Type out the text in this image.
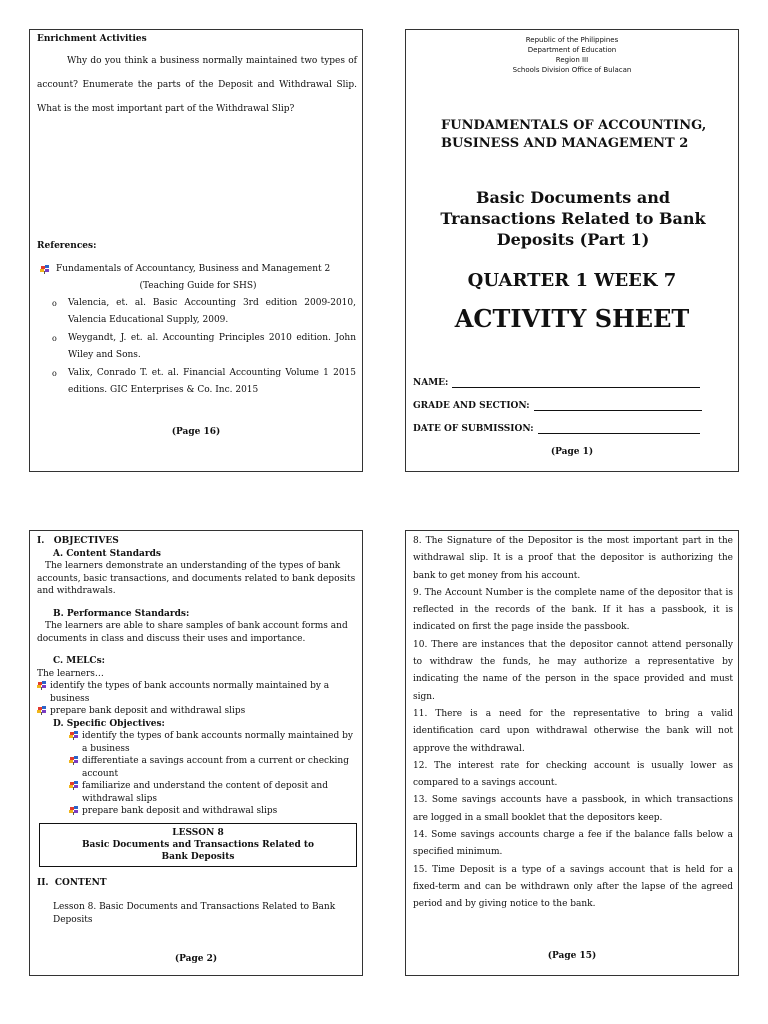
Enrichment Activities
Why do you think a business normally maintained two types of account? Enumerate the parts of the Deposit and Withdrawal Slip. What is the most important part of the Withdrawal Slip?
References:
Fundamentals of Accountancy, Business and Management 2
(Teaching Guide for SHS)
o Valencia, et. al. Basic Accounting 3rd edition 2009-2010, Valencia Educational Supply, 2009.
o Weygandt, J. et. al. Accounting Principles 2010 edition. John Wiley and Sons.
o Valix, Conrado T. et. al. Financial Accounting Volume 1 2015 editions. GIC Enterprises & Co. Inc. 2015
(Page 16)
Republic of the Philippines
Department of Education
Region III
Schools Division Office of Bulacan
FUNDAMENTALS OF ACCOUNTING,
BUSINESS AND MANAGEMENT 2
Basic Documents and Transactions Related to Bank Deposits (Part 1)
QUARTER 1 WEEK 7
ACTIVITY SHEET
NAME:
GRADE AND SECTION:
DATE OF SUBMISSION:
(Page 1)
I.   OBJECTIVES
A. Content Standards
The learners demonstrate an understanding of the types of bank accounts, basic transactions, and documents related to bank deposits and withdrawals.
B. Performance Standards:
The learners are able to share samples of bank account forms and documents in class and discuss their uses and importance.
C. MELCs:
The learners…
identify the types of bank accounts normally maintained by a business
prepare bank deposit and withdrawal slips
D. Specific Objectives:
identify the types of bank accounts normally maintained by a business
differentiate a savings account from a current or checking account
familiarize and understand the content of deposit and withdrawal slips
prepare bank deposit and withdrawal slips
LESSON 8
Basic Documents and Transactions Related to
Bank Deposits
II.  CONTENT
Lesson 8. Basic Documents and Transactions Related to Bank Deposits
(Page 2)

8. The Signature of the Depositor is the most important part in the withdrawal slip. It is a proof that the depositor is authorizing the bank to get money from his account.

9. The Account Number is the complete name of the depositor that is reflected in the records of the bank. If it has a passbook, it is indicated on first the page inside the passbook.

10. There are instances that the depositor cannot attend personally to withdraw the funds, he may authorize a representative by indicating the name of the person in the space provided and must sign.

11. There is a need for the representative to bring a valid identification card upon withdrawal otherwise the bank will not approve the withdrawal.

12. The interest rate for checking account is usually lower as compared to a savings account.

13. Some savings accounts have a passbook, in which transactions are logged in a small booklet that the depositors keep.

14. Some savings accounts charge a fee if the balance falls below a specified minimum.

15. Time Deposit is a type of a savings account that is held for a fixed-term and can be withdrawn only after the lapse of the agreed period and by giving notice to the bank.

(Page 15)
